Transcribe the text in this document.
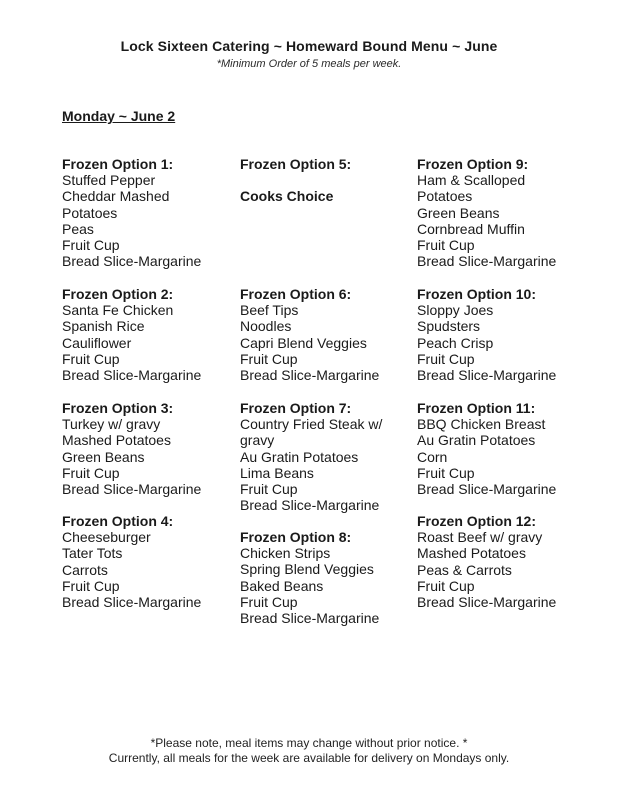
Lock Sixteen Catering ~ Homeward Bound Menu ~ June
*Minimum Order of 5 meals per week.
Monday ~ June 2
Frozen Option 1:
Stuffed Pepper
Cheddar Mashed
Potatoes
Peas
Fruit Cup
Bread Slice-Margarine
Frozen Option 2:
Santa Fe Chicken
Spanish Rice
Cauliflower
Fruit Cup
Bread Slice-Margarine
Frozen Option 3:
Turkey w/ gravy
Mashed Potatoes
Green Beans
Fruit Cup
Bread Slice-Margarine
Frozen Option 4:
Cheeseburger
Tater Tots
Carrots
Fruit Cup
Bread Slice-Margarine
Frozen Option 5:
Cooks Choice
Frozen Option 6:
Beef Tips
Noodles
Capri Blend Veggies
Fruit Cup
Bread Slice-Margarine
Frozen Option 7:
Country Fried Steak w/
gravy
Au Gratin Potatoes
Lima Beans
Fruit Cup
Bread Slice-Margarine
Frozen Option 8:
Chicken Strips
Spring Blend Veggies
Baked Beans
Fruit Cup
Bread Slice-Margarine
Frozen Option 9:
Ham & Scalloped
Potatoes
Green Beans
Cornbread Muffin
Fruit Cup
Bread Slice-Margarine
Frozen Option 10:
Sloppy Joes
Spudsters
Peach Crisp
Fruit Cup
Bread Slice-Margarine
Frozen Option 11:
BBQ Chicken Breast
Au Gratin Potatoes
Corn
Fruit Cup
Bread Slice-Margarine
Frozen Option 12:
Roast Beef w/ gravy
Mashed Potatoes
Peas & Carrots
Fruit Cup
Bread Slice-Margarine
*Please note, meal items may change without prior notice. *
Currently, all meals for the week are available for delivery on Mondays only.
